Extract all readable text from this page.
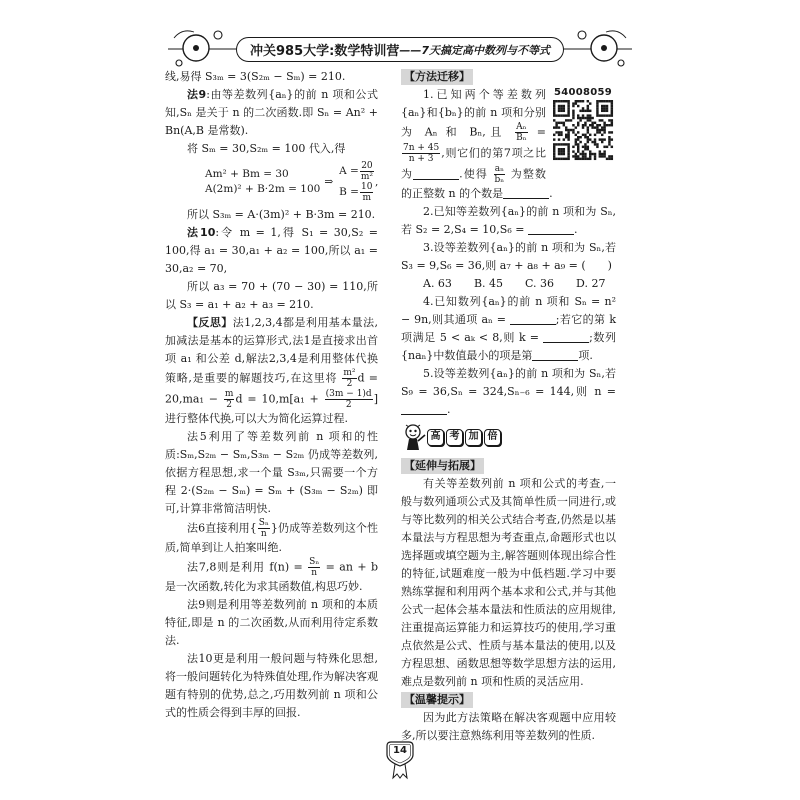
冲关985大学:数学特训营 ——7天搞定高中数列与不等式

线,易得 S₃ₘ = 3(S₂ₘ − Sₘ) = 210.

法9:由等差数列{aₙ}的前 n 项和公式知,Sₙ 是关于 n 的二次函数.即 Sₙ = An² + Bn(A,B 是常数).

将 Sₘ = 30,S₂ₘ = 100 代入,得

Am² + Bm = 30
A(2m)² + B·2m = 100
⇒
$A = \frac{20}{\text{m²}}$
$B = \frac{10}{m}$
,

所以 S₃ₘ = A·(3m)² + B·3m = 210.

法10:令 m = 1,得 S₁ = 30,S₂ = 100,得 a₁ = 30,a₁ + a₂ = 100,所以 a₁ = 30,a₂ = 70,

所以 a₃ = 70 + (70 − 30) = 110,所以 S₃ = a₁ + a₂ + a₃ = 210.

【反思】法1,2,3,4都是利用基本量法,加减法是基本的运算形式,法1是直接求出首项 a₁ 和公差 d,解法2,3,4是利用整体代换策略,是重要的解题技巧,在这里将 $\frac{\text{m²}}{2}$ $d = 20,ma_1 - \frac{m}{2}$ $d = 10,m[a_1 + \frac{(3m - 1)d}{2}$ ] 进行整体代换,可以大为简化运算过程.

法5利用了等差数列前 n 项和的性质:Sₘ,S₂ₘ − Sₘ,S₃ₘ − S₂ₘ 仍成等差数列,依据方程思想,求一个量 S₃ₘ,只需要一个方程 2·(S₂ₘ − Sₘ) = Sₘ + (S₃ₘ − S₂ₘ) 即可,计算非常简洁明快.

法6直接利用{ $\frac{\text{Sₙ}}{n}$ }仍成等差数列这个性质,简单到让人拍案叫绝.

法7,8则是利用 $f(n) = \frac{\text{Sₙ}}{n}$ = an + b 是一次函数,转化为求其函数值,构思巧妙.

法9则是利用等差数列前 n 项和的本质特征,即是 n 的二次函数,从而利用待定系数法.

法10更是利用一般问题与特殊化思想,将一般问题转化为特殊值处理,作为解决客观题有特别的优势,总之,巧用数列前 n 项和公式的性质会得到丰厚的回报.

【方法迁移】
54008059

1.已知两个等差数列{aₙ}和{bₙ}的前 n 项和分别为 Aₙ 和 Bₙ,且 $\frac{\text{Aₙ}}{\text{Bₙ}}$ =
$\frac{7n + 45}{n + 3}$ ,则它们的第7项之比为	.使得 $\frac{\text{aₙ}}{\text{bₙ}}$ 为整数的正整数 n 的个数是	.

2.已知等差数列{aₙ}的前 n 项和为 Sₙ,若 S₂ = 2,S₄ = 10,S₆ =	.

3.设等差数列{aₙ}的前 n 项和为 Sₙ,若 S₃ = 9,S₆ = 36,则 a₇ + a₈ + a₉ = (　　)

A. 63 B. 45 C. 36 D. 27

4.已知数列{aₙ}的前 n 项和 Sₙ = n² − 9n,则其通项 aₙ =	;若它的第 k 项满足 5 < aₖ < 8,则 k =	;数列{naₙ}中数值最小的项是第	项.

5.设等差数列{aₙ}的前 n 项和为 Sₙ,若 S₉ = 36,Sₙ = 324,Sₙ₋₆ = 144,则 n = .

高 考 加 倍
【延伸与拓展】

有关等差数列前 n 项和公式的考查,一般与数列通项公式及其简单性质一同进行,或与等比数列的相关公式结合考查,仍然是以基本量法与方程思想为考查重点,命题形式也以选择题或填空题为主,解答题则体现出综合性的特征,试题难度一般为中低档题.学习中要熟练掌握和利用两个基本求和公式,并与其他公式一起体会基本量法和性质法的应用规律,注重提高运算能力和运算技巧的使用,学习重点依然是公式、性质与基本量法的使用,以及方程思想、函数思想等数学思想方法的运用,难点是数列前 n 项和性质的灵活应用.

【温馨提示】

因为此方法策略在解决客观题中应用较多,所以要注意熟练利用等差数列的性质.

14
